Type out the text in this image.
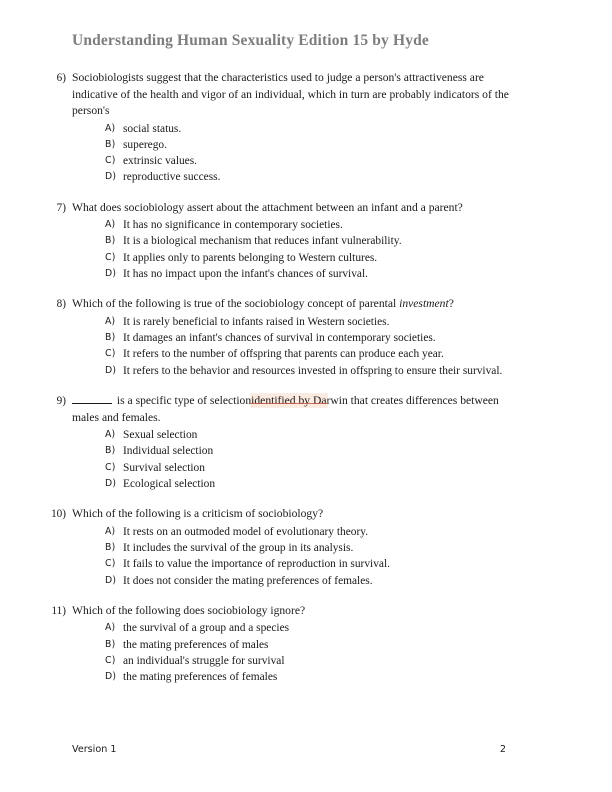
Understanding Human Sexuality Edition 15 by Hyde
6) Sociobiologists suggest that the characteristics used to judge a person's attractiveness are indicative of the health and vigor of an individual, which in turn are probably indicators of the person's
A) social status.
B) superego.
C) extrinsic values.
D) reproductive success.
7) What does sociobiology assert about the attachment between an infant and a parent?
A) It has no significance in contemporary societies.
B) It is a biological mechanism that reduces infant vulnerability.
C) It applies only to parents belonging to Western cultures.
D) It has no impact upon the infant's chances of survival.
8) Which of the following is true of the sociobiology concept of parental investment?
A) It is rarely beneficial to infants raised in Western societies.
B) It damages an infant's chances of survival in contemporary societies.
C) It refers to the number of offspring that parents can produce each year.
D) It refers to the behavior and resources invested in offspring to ensure their survival.
9)	is a specific type of selectionidentified by Darwin that creates differences between males and females.
A) Sexual selection
B) Individual selection
C) Survival selection
D) Ecological selection
10) Which of the following is a criticism of sociobiology?
A) It rests on an outmoded model of evolutionary theory.
B) It includes the survival of the group in its analysis.
C) It fails to value the importance of reproduction in survival.
D) It does not consider the mating preferences of females.
11) Which of the following does sociobiology ignore?
A) the survival of a group and a species
B) the mating preferences of males
C) an individual's struggle for survival
D) the mating preferences of females
Version 1	2
